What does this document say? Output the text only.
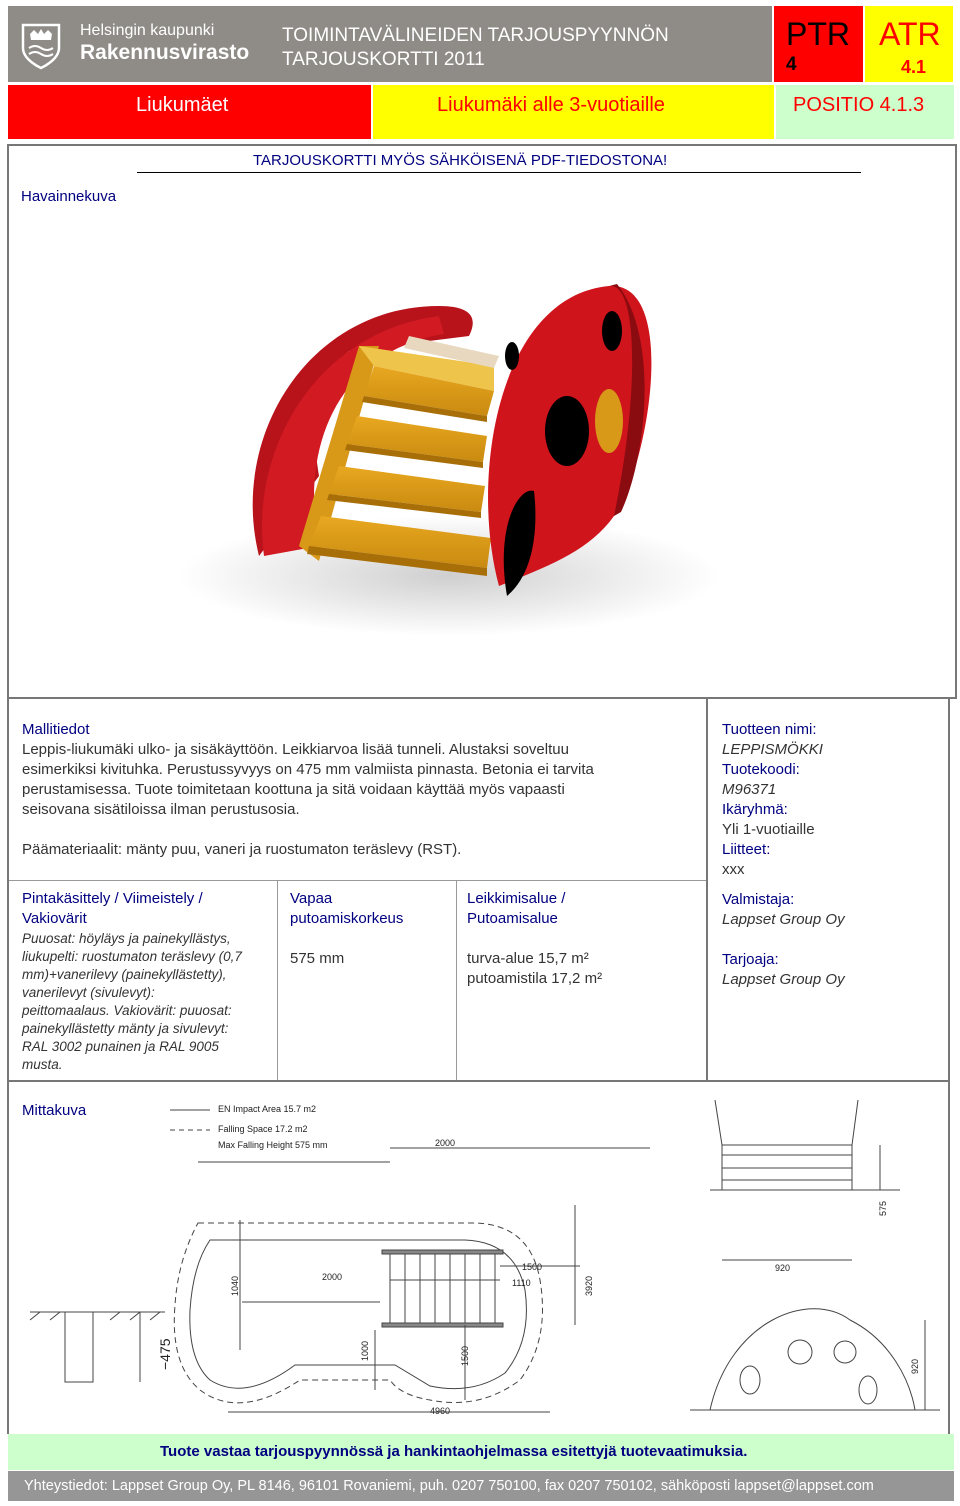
Helsingin kaupunki
Rakennusvirasto
TOIMINTAVÄLINEIDEN TARJOUSPYYNNÖN
TARJOUSKORTTI 2011
PTR
4
ATR
4.1
Liukumäet	Liukumäki alle 3-vuotiaille	POSITIO 4.1.3
TARJOUSKORTTI MYÖS SÄHKÖISENÄ PDF-TIEDOSTONA!
Havainnekuva
Mallitiedot
Leppis-liukumäki ulko- ja sisäkäyttöön. Leikkiarvoa lisää tunneli. Alustaksi soveltuu
esimerkiksi kivituhka. Perustussyvyys on 475 mm valmiista pinnasta. Betonia ei tarvita
perustamisessa. Tuote toimitetaan koottuna ja sitä voidaan käyttää myös vapaasti
seisovana sisätiloissa ilman perustusosia.
Päämateriaalit: mänty puu, vaneri ja ruostumaton teräslevy (RST).
Tuotteen nimi:
LEPPISMÖKKI
Tuotekoodi:
M96371
Ikäryhmä:
Yli 1-vuotiaille
Liitteet:
xxx
Valmistaja:
Lappset Group Oy
Tarjoaja:
Lappset Group Oy
Pintakäsittely / Viimeistely /
Vakiovärit
Puuosat: höyläys ja painekyllästys,
liukupelti: ruostumaton teräslevy (0,7
mm)+vanerilevy (painekyllästetty),
vanerilevyt (sivulevyt):
peittomaalaus. Vakiovärit: puuosat:
painekyllästetty mänty ja sivulevyt:
RAL 3002 punainen ja RAL 9005
musta.
Vapaa
putoamiskorkeus
575 mm
Leikkimisalue /
Putoamisalue
turva-alue 15,7 m²
putoamistila 17,2 m²
Mittakuva	EN Impact Area 15.7 m2
Falling Space 17.2 m2
Max Falling Height 575 mm	2000
2000
1500
1110	3920
1040
1000	1500
4960
920
575
920
−475
Tuote vastaa tarjouspyynnössä ja hankintaohjelmassa esitettyjä tuotevaatimuksia.
Yhteystiedot: Lappset Group Oy, PL 8146, 96101 Rovaniemi, puh. 0207 750100, fax 0207 750102, sähköposti lappset@lappset.com
